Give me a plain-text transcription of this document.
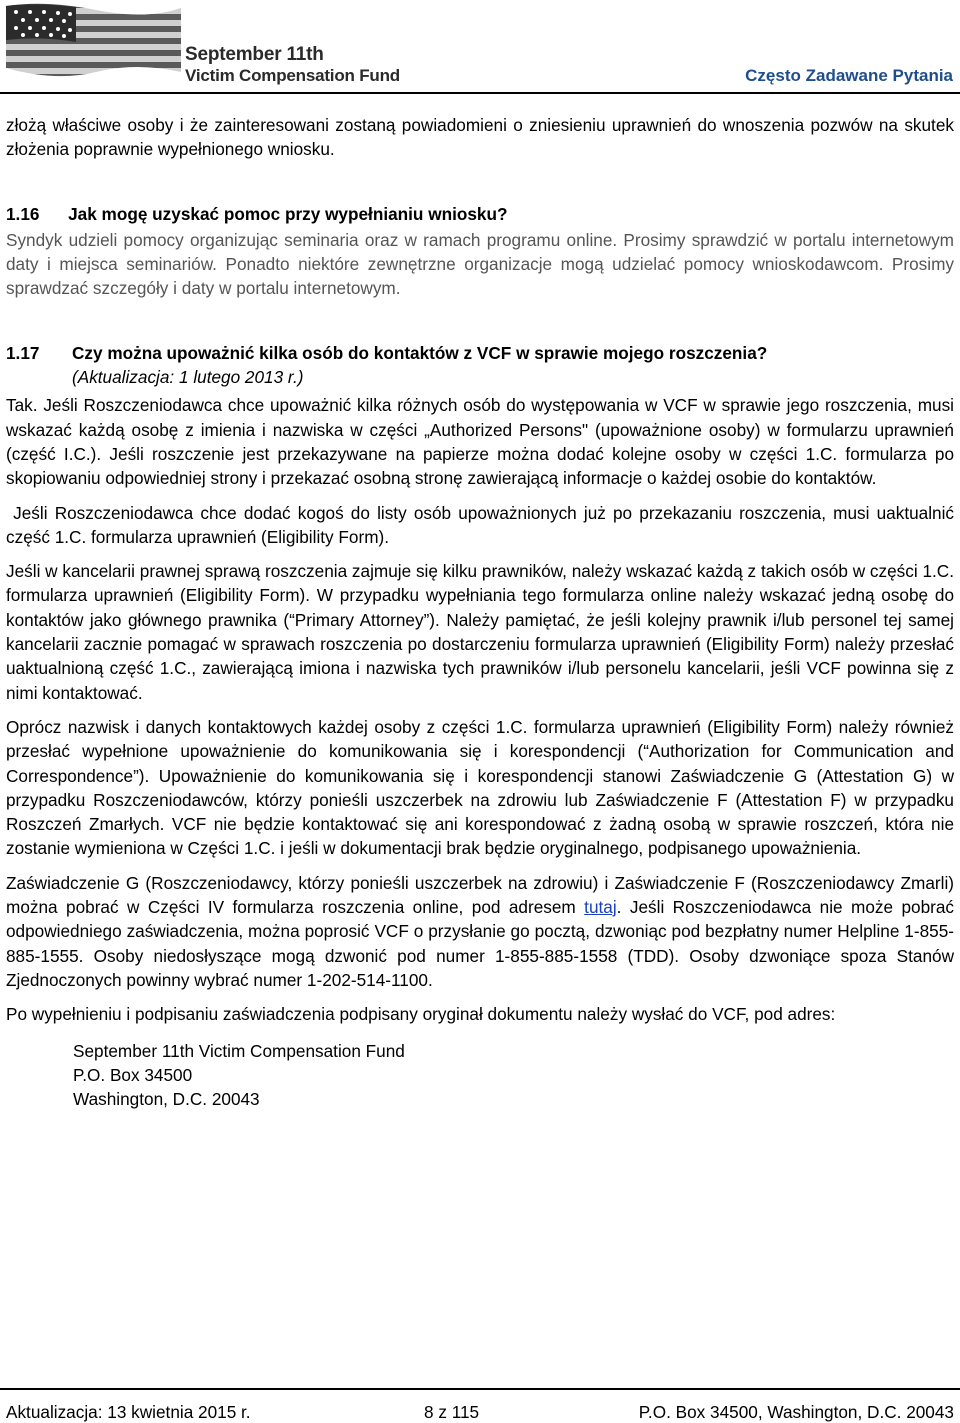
September 11th
Victim Compensation Fund	Często Zadawane Pytania

złożą właściwe osoby i że zainteresowani zostaną powiadomieni o zniesieniu uprawnień do wnoszenia pozwów na skutek złożenia poprawnie wypełnionego wniosku.

1.16 Jak mogę uzyskać pomoc przy wypełnianiu wniosku?

Syndyk udzieli pomocy organizując seminaria oraz w ramach programu online. Prosimy sprawdzić w portalu internetowym daty i miejsca seminariów. Ponadto niektóre zewnętrzne organizacje mogą udzielać pomocy wnioskodawcom. Prosimy sprawdzać szczegóły i daty w portalu internetowym.

1.17	Czy można upoważnić kilka osób do kontaktów z VCF w sprawie mojego roszczenia?
(Aktualizacja: 1 lutego 2013 r.)

Tak. Jeśli Roszczeniodawca chce upoważnić kilka różnych osób do występowania w VCF w sprawie jego roszczenia, musi wskazać każdą osobę z imienia i nazwiska w części „Authorized Persons" (upoważnione osoby) w formularzu uprawnień (część I.C.). Jeśli roszczenie jest przekazywane na papierze można dodać kolejne osoby w części 1.C. formularza po skopiowaniu odpowiedniej strony i przekazać osobną stronę zawierającą informacje o każdej osobie do kontaktów.

Jeśli Roszczeniodawca chce dodać kogoś do listy osób upoważnionych już po przekazaniu roszczenia, musi uaktualnić część 1.C. formularza uprawnień (Eligibility Form).

Jeśli w kancelarii prawnej sprawą roszczenia zajmuje się kilku prawników, należy wskazać każdą z takich osób w części 1.C. formularza uprawnień (Eligibility Form). W przypadku wypełniania tego formularza online należy wskazać jedną osobę do kontaktów jako głównego prawnika (“Primary Attorney”). Należy pamiętać, że jeśli kolejny prawnik i/lub personel tej samej kancelarii zacznie pomagać w sprawach roszczenia po dostarczeniu formularza uprawnień (Eligibility Form) należy przesłać uaktualnioną część 1.C., zawierającą imiona i nazwiska tych prawników i/lub personelu kancelarii, jeśli VCF powinna się z nimi kontaktować.

Oprócz nazwisk i danych kontaktowych każdej osoby z części 1.C. formularza uprawnień (Eligibility Form) należy również przesłać wypełnione upoważnienie do komunikowania się i korespondencji (“Authorization for Communication and Correspondence”). Upoważnienie do komunikowania się i korespondencji stanowi Zaświadczenie G (Attestation G) w przypadku Roszczeniodawców, którzy ponieśli uszczerbek na zdrowiu lub Zaświadczenie F (Attestation F) w przypadku Roszczeń Zmarłych. VCF nie będzie kontaktować się ani korespondować z żadną osobą w sprawie roszczeń, która nie zostanie wymieniona w Części 1.C. i jeśli w dokumentacji brak będzie oryginalnego, podpisanego upoważnienia.

Zaświadczenie G (Roszczeniodawcy, którzy ponieśli uszczerbek na zdrowiu) i Zaświadczenie F (Roszczeniodawcy Zmarli) można pobrać w Części IV formularza roszczenia online, pod adresem tutaj. Jeśli Roszczeniodawca nie może pobrać odpowiedniego zaświadczenia, można poprosić VCF o przysłanie go pocztą, dzwoniąc pod bezpłatny numer Helpline 1-855-885-1555. Osoby niedosłyszące mogą dzwonić pod numer 1-855-885-1558 (TDD). Osoby dzwoniące spoza Stanów Zjednoczonych powinny wybrać numer 1-202-514-1100.

Po wypełnieniu i podpisaniu zaświadczenia podpisany oryginał dokumentu należy wysłać do VCF, pod adres:

September 11th Victim Compensation Fund
P.O. Box 34500
Washington, D.C. 20043
Aktualizacja: 13 kwietnia 2015 r.	8 z 115	P.O. Box 34500, Washington, D.C. 20043
